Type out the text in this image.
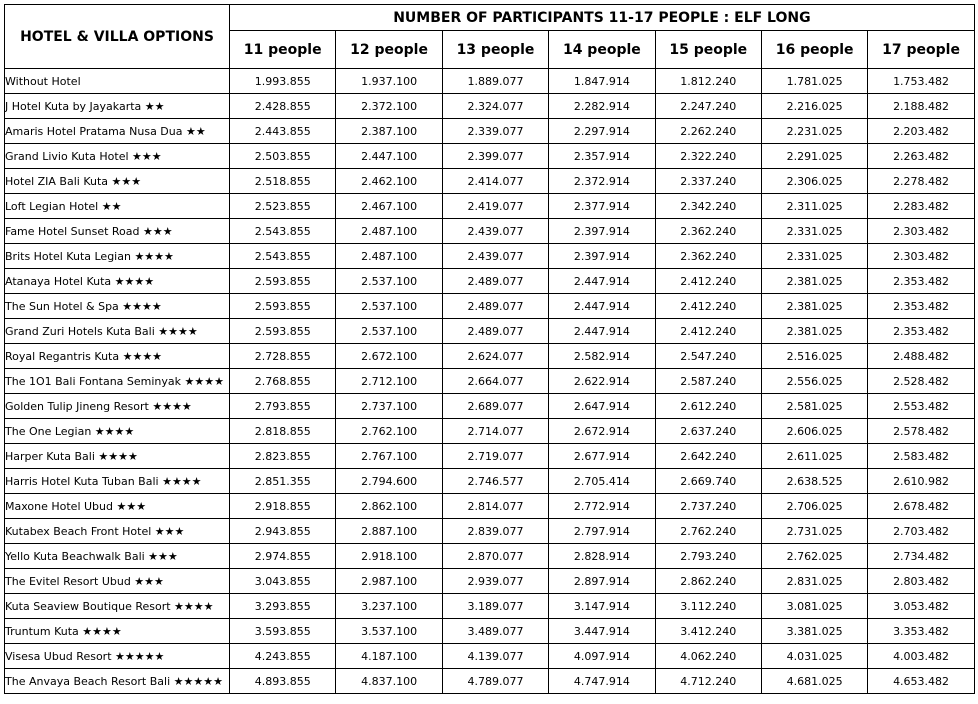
HOTEL & VILLA OPTIONS	NUMBER OF PARTICIPANTS 11-17 PEOPLE : ELF LONG						
	11 people	12 people	13 people	14 people	15 people	16 people	17 people
Without Hotel	1.993.855	1.937.100	1.889.077	1.847.914	1.812.240	1.781.025	1.753.482
J Hotel Kuta by Jayakarta ★★	2.428.855	2.372.100	2.324.077	2.282.914	2.247.240	2.216.025	2.188.482
Amaris Hotel Pratama Nusa Dua ★★	2.443.855	2.387.100	2.339.077	2.297.914	2.262.240	2.231.025	2.203.482
Grand Livio Kuta Hotel ★★★	2.503.855	2.447.100	2.399.077	2.357.914	2.322.240	2.291.025	2.263.482
Hotel ZIA Bali Kuta ★★★	2.518.855	2.462.100	2.414.077	2.372.914	2.337.240	2.306.025	2.278.482
Loft Legian Hotel ★★	2.523.855	2.467.100	2.419.077	2.377.914	2.342.240	2.311.025	2.283.482
Fame Hotel Sunset Road ★★★	2.543.855	2.487.100	2.439.077	2.397.914	2.362.240	2.331.025	2.303.482
Brits Hotel Kuta Legian ★★★★	2.543.855	2.487.100	2.439.077	2.397.914	2.362.240	2.331.025	2.303.482
Atanaya Hotel Kuta ★★★★	2.593.855	2.537.100	2.489.077	2.447.914	2.412.240	2.381.025	2.353.482
The Sun Hotel & Spa ★★★★	2.593.855	2.537.100	2.489.077	2.447.914	2.412.240	2.381.025	2.353.482
Grand Zuri Hotels Kuta Bali ★★★★	2.593.855	2.537.100	2.489.077	2.447.914	2.412.240	2.381.025	2.353.482
Royal Regantris Kuta ★★★★	2.728.855	2.672.100	2.624.077	2.582.914	2.547.240	2.516.025	2.488.482
The 1O1 Bali Fontana Seminyak ★★★★	2.768.855	2.712.100	2.664.077	2.622.914	2.587.240	2.556.025	2.528.482
Golden Tulip Jineng Resort ★★★★	2.793.855	2.737.100	2.689.077	2.647.914	2.612.240	2.581.025	2.553.482
The One Legian ★★★★	2.818.855	2.762.100	2.714.077	2.672.914	2.637.240	2.606.025	2.578.482
Harper Kuta Bali ★★★★	2.823.855	2.767.100	2.719.077	2.677.914	2.642.240	2.611.025	2.583.482
Harris Hotel Kuta Tuban Bali ★★★★	2.851.355	2.794.600	2.746.577	2.705.414	2.669.740	2.638.525	2.610.982
Maxone Hotel Ubud ★★★	2.918.855	2.862.100	2.814.077	2.772.914	2.737.240	2.706.025	2.678.482
Kutabex Beach Front Hotel ★★★	2.943.855	2.887.100	2.839.077	2.797.914	2.762.240	2.731.025	2.703.482
Yello Kuta Beachwalk Bali ★★★	2.974.855	2.918.100	2.870.077	2.828.914	2.793.240	2.762.025	2.734.482
The Evitel Resort Ubud ★★★	3.043.855	2.987.100	2.939.077	2.897.914	2.862.240	2.831.025	2.803.482
Kuta Seaview Boutique Resort ★★★★	3.293.855	3.237.100	3.189.077	3.147.914	3.112.240	3.081.025	3.053.482
Truntum Kuta ★★★★	3.593.855	3.537.100	3.489.077	3.447.914	3.412.240	3.381.025	3.353.482
Visesa Ubud Resort ★★★★★	4.243.855	4.187.100	4.139.077	4.097.914	4.062.240	4.031.025	4.003.482
The Anvaya Beach Resort Bali ★★★★★	4.893.855	4.837.100	4.789.077	4.747.914	4.712.240	4.681.025	4.653.482
